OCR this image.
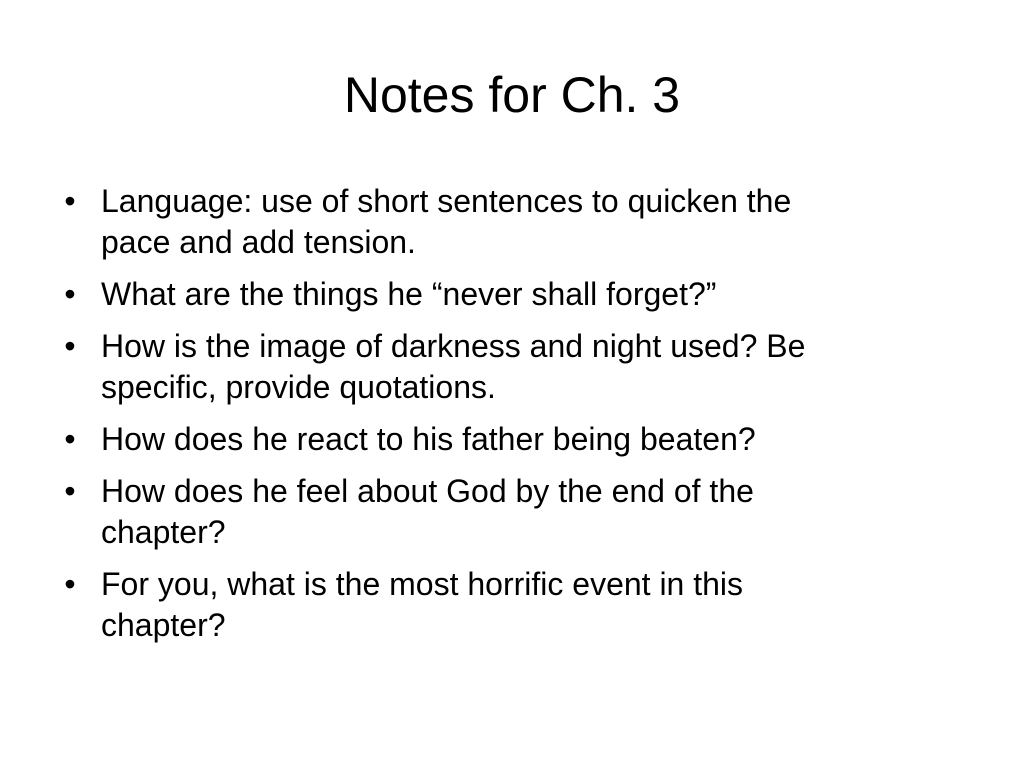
Notes for Ch. 3
• Language: use of short sentences to quicken the
pace and add tension.
• What are the things he “never shall forget?”
• How is the image of darkness and night used? Be
specific, provide quotations.
• How does he react to his father being beaten?
• How does he feel about God by the end of the
chapter?
• For you, what is the most horrific event in this
chapter?
